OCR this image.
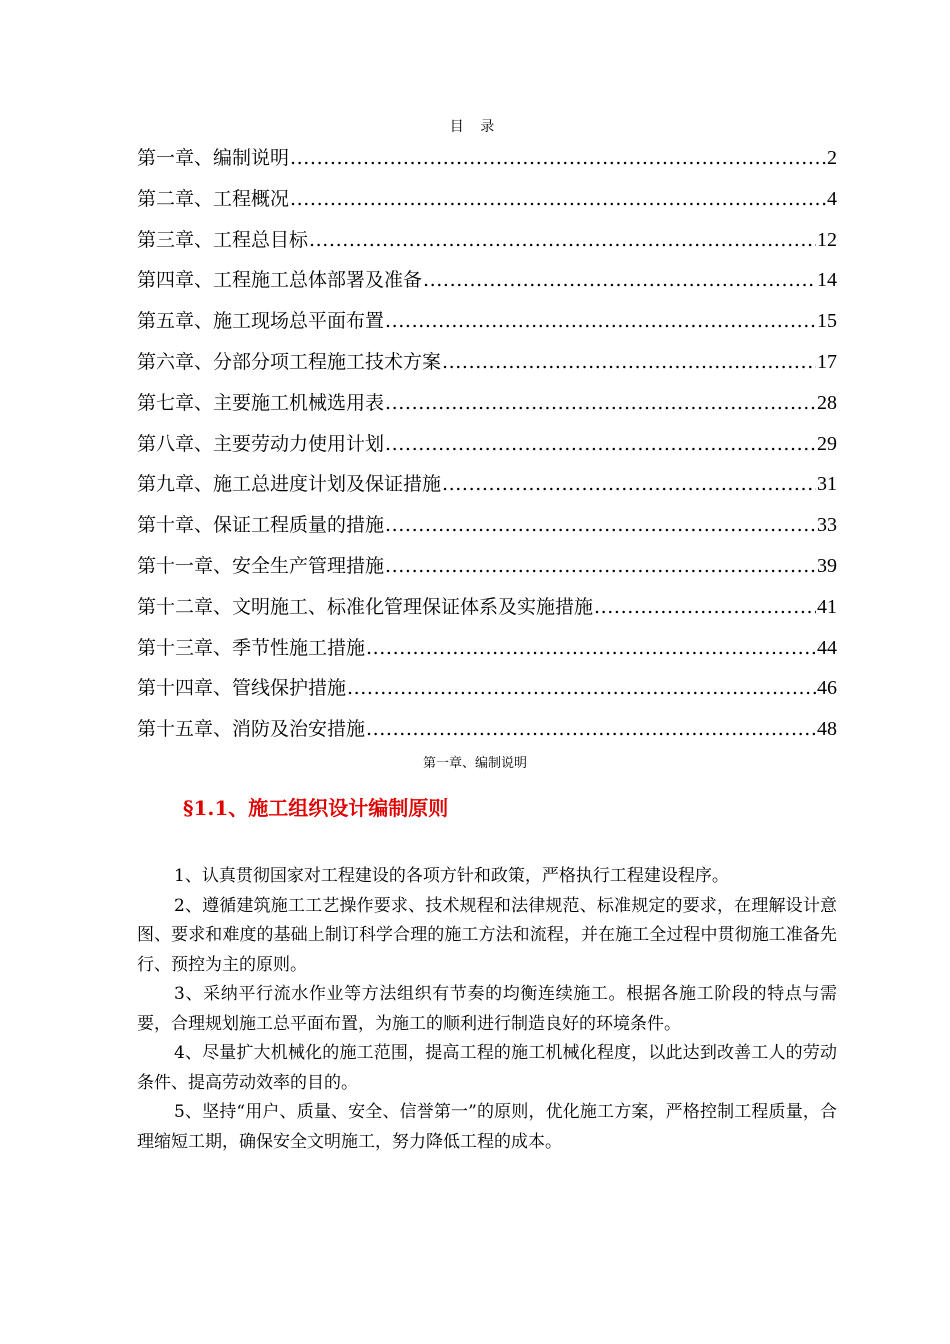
目 录
第一章、编制说明 .....	2
第二章、工程概况 .....	4
第三章、工程总目标 .....	12
第四章、工程施工总体部署及准备 .....	14
第五章、施工现场总平面布置 .....	15
第六章、分部分项工程施工技术方案 .....	17
第七章、主要施工机械选用表 .....	28
第八章、主要劳动力使用计划 .....	29
第九章、施工总进度计划及保证措施 .....	31
第十章、保证工程质量的措施 .....	33
第十一章、安全生产管理措施 .....	39
第十二章、文明施工、标准化管理保证体系及实施措施 .....	41
第十三章、季节性施工措施 .....	44
第十四章、管线保护措施 .....	46
第十五章、消防及治安措施 .....	48
第一章、编制说明
§1.1、施工组织设计编制原则

1、认真贯彻国家对工程建设的各项方针和政策，严格执行工程建设程序。

2、遵循建筑施工工艺操作要求、技术规程和法律规范、标准规定的要求，在理解设计意图、要求和难度的基础上制订科学合理的施工方法和流程，并在施工全过程中贯彻施工准备先行、预控为主的原则。

3、采纳平行流水作业等方法组织有节奏的均衡连续施工。根据各施工阶段的特点与需要，合理规划施工总平面布置，为施工的顺利进行制造良好的环境条件。

4、尽量扩大机械化的施工范围，提高工程的施工机械化程度，以此达到改善工人的劳动条件、提高劳动效率的目的。

5、坚持“用户、质量、安全、信誉第一”的原则，优化施工方案，严格控制工程质量，合理缩短工期，确保安全文明施工，努力降低工程的成本。
